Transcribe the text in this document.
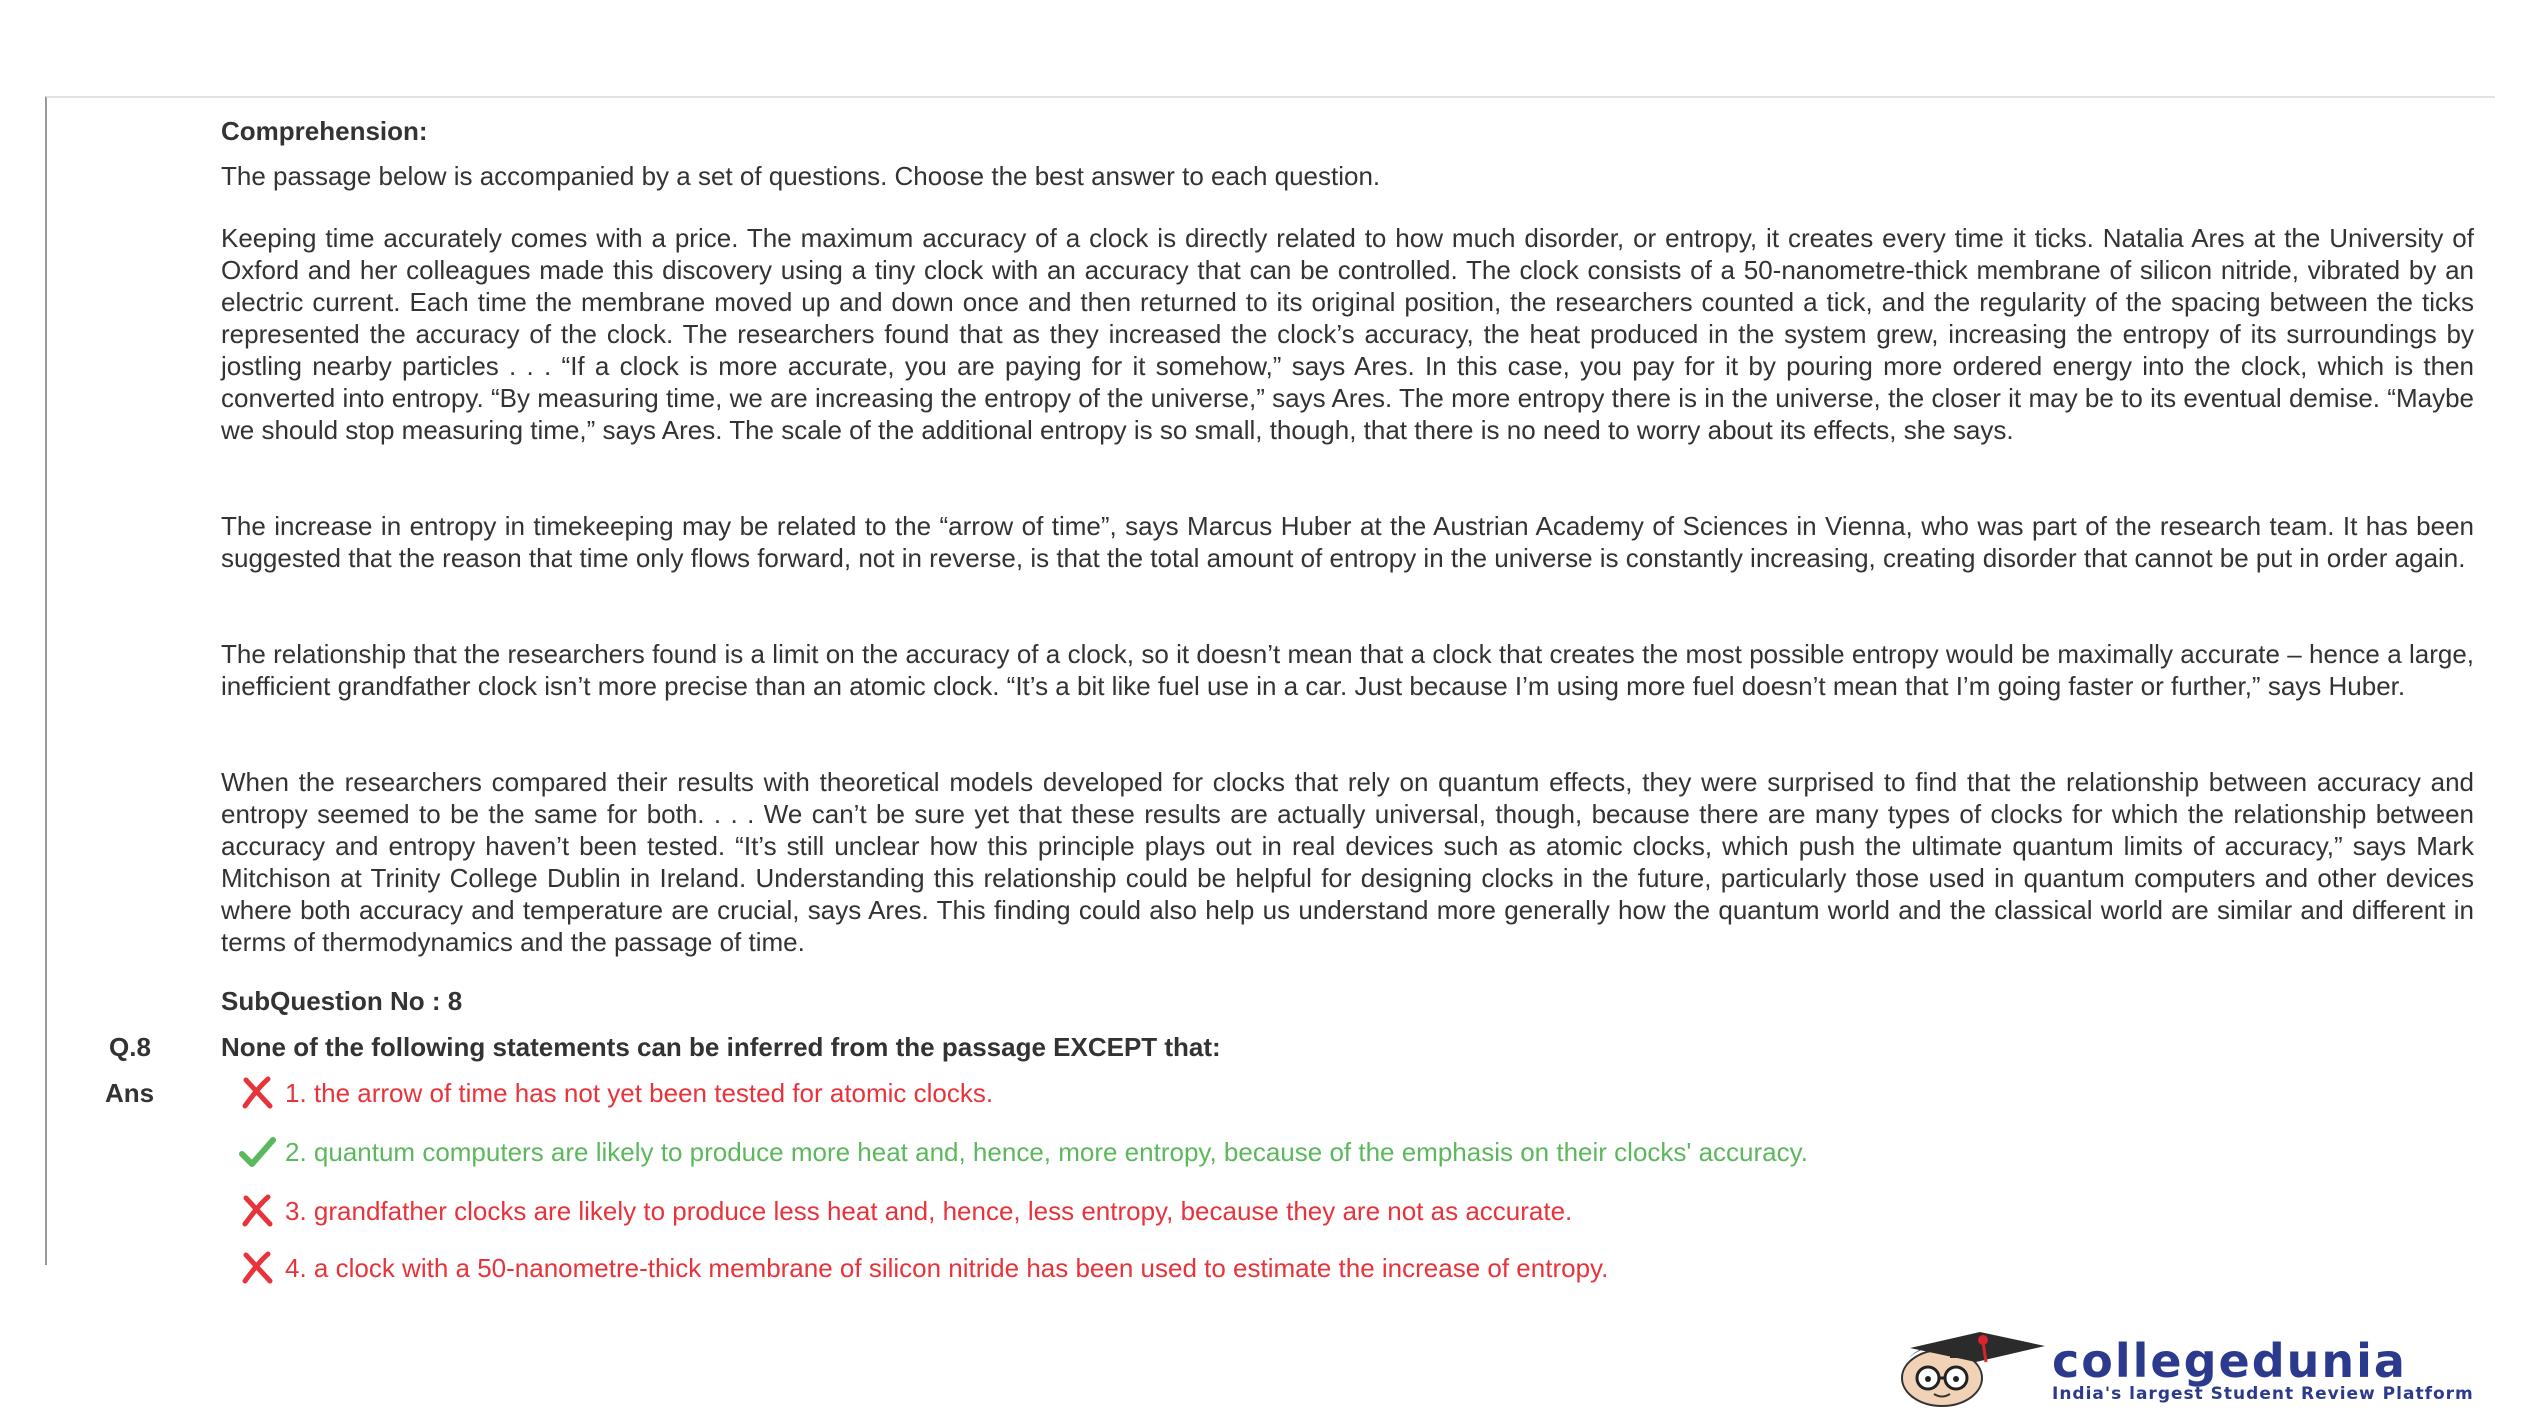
Comprehension:
The passage below is accompanied by a set of questions. Choose the best answer to each question.

Keeping time accurately comes with a price. The maximum accuracy of a clock is directly related to how much disorder, or entropy, it creates every time it ticks. Natalia Ares at the University of Oxford and her colleagues made this discovery using a tiny clock with an accuracy that can be controlled. The clock consists of a 50-nanometre-thick membrane of silicon nitride, vibrated by an electric current. Each time the membrane moved up and down once and then returned to its original position, the researchers counted a tick, and the regularity of the spacing between the ticks represented the accuracy of the clock. The researchers found that as they increased the clock’s accuracy, the heat produced in the system grew, increasing the entropy of its surroundings by jostling nearby particles . . . “If a clock is more accurate, you are paying for it somehow,” says Ares. In this case, you pay for it by pouring more ordered energy into the clock, which is then converted into entropy. “By measuring time, we are increasing the entropy of the universe,” says Ares. The more entropy there is in the universe, the closer it may be to its eventual demise. “Maybe we should stop measuring time,” says Ares. The scale of the additional entropy is so small, though, that there is no need to worry about its effects, she says.

The increase in entropy in timekeeping may be related to the “arrow of time”, says Marcus Huber at the Austrian Academy of Sciences in Vienna, who was part of the research team. It has been suggested that the reason that time only flows forward, not in reverse, is that the total amount of entropy in the universe is constantly increasing, creating disorder that cannot be put in order again.

The relationship that the researchers found is a limit on the accuracy of a clock, so it doesn’t mean that a clock that creates the most possible entropy would be maximally accurate – hence a large, inefficient grandfather clock isn’t more precise than an atomic clock. “It’s a bit like fuel use in a car. Just because I’m using more fuel doesn’t mean that I’m going faster or further,” says Huber.

When the researchers compared their results with theoretical models developed for clocks that rely on quantum effects, they were surprised to find that the relationship between accuracy and entropy seemed to be the same for both. . . . We can’t be sure yet that these results are actually universal, though, because there are many types of clocks for which the relationship between accuracy and entropy haven’t been tested. “It’s still unclear how this principle plays out in real devices such as atomic clocks, which push the ultimate quantum limits of accuracy,” says Mark Mitchison at Trinity College Dublin in Ireland. Understanding this relationship could be helpful for designing clocks in the future, particularly those used in quantum computers and other devices where both accuracy and temperature are crucial, says Ares. This finding could also help us understand more generally how the quantum world and the classical world are similar and different in terms of thermodynamics and the passage of time.

SubQuestion No : 8
Q.8	None of the following statements can be inferred from the passage EXCEPT that:
Ans	1. the arrow of time has not yet been tested for atomic clocks.
2. quantum computers are likely to produce more heat and, hence, more entropy, because of the emphasis on their clocks' accuracy.
3. grandfather clocks are likely to produce less heat and, hence, less entropy, because they are not as accurate.
4. a clock with a 50-nanometre-thick membrane of silicon nitride has been used to estimate the increase of entropy.
collegedunia
India's largest Student Review Platform
